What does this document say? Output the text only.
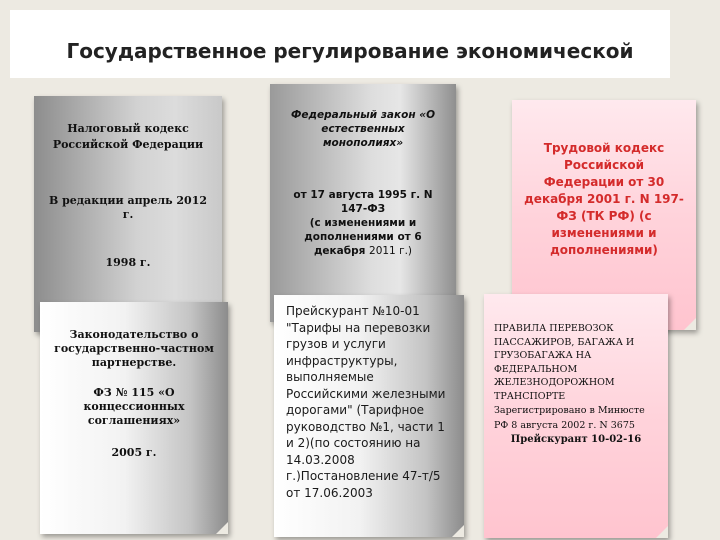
Государственное регулирование экономической

Налоговый кодекс

Российской Федерации

В редакции апрель 2012 г.

1998 г.

Федеральный закон «О естественных монополиях»

от 17 августа 1995 г. N 147-ФЗ

(с изменениями и дополнениями от 6 декабря 2011 г.)

Трудовой кодекс Российской Федерации от 30 декабря 2001 г. N 197-ФЗ (ТК РФ) (с изменениями и дополнениями)

Законодательство о государственно-частном партнерстве.

ФЗ № 115 «О концессионных соглашениях»

2005 г.

Прейскурант №10-01 "Тарифы на перевозки грузов и услуги инфраструктуры, выполняемые Российскими железными дорогами" (Тарифное руководство №1, части 1 и 2)(по состоянию на 14.03.2008 г.)Постановление 47-т/5 от 17.06.2003

ПРАВИЛА ПЕРЕВОЗОК ПАССАЖИРОВ, БАГАЖА И ГРУЗОБАГАЖА НА ФЕДЕРАЛЬНОМ ЖЕЛЕЗНОДОРОЖНОМ ТРАНСПОРТЕ

Зарегистрировано в Минюсте РФ 8 августа 2002 г. N 3675

Прейскурант 10-02-16
